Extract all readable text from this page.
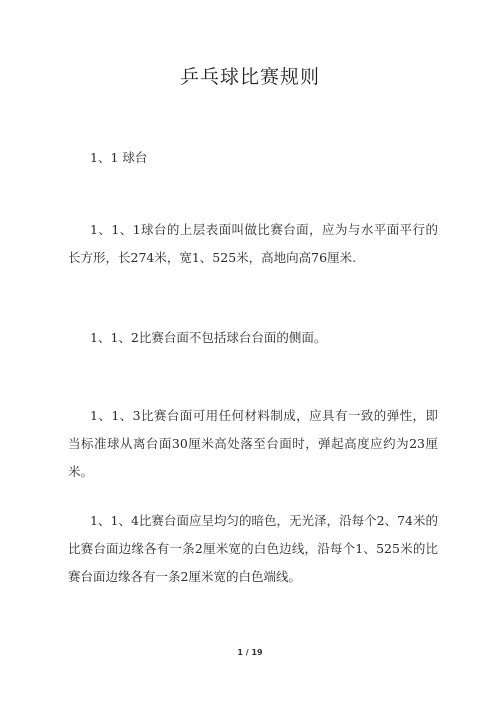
乒乓球比赛规则

1、1 球台

1、1、1球台的上层表面叫做比赛台面，应为与水平面平行的长方形，长274米，宽1、525米，高地向高76厘米.

1、1、2比赛台面不包括球台台面的侧面。

1、1、3比赛台面可用任何材料制成，应具有一致的弹性，即当标准球从离台面30厘米高处落至台面时，弹起高度应约为23厘米。

1、1、4比赛台面应呈均匀的暗色，无光泽，沿每个2、74米的比赛台面边缘各有一条2厘米宽的白色边线，沿每个1、525米的比赛台面边缘各有一条2厘米宽的白色端线。

1 / 19
